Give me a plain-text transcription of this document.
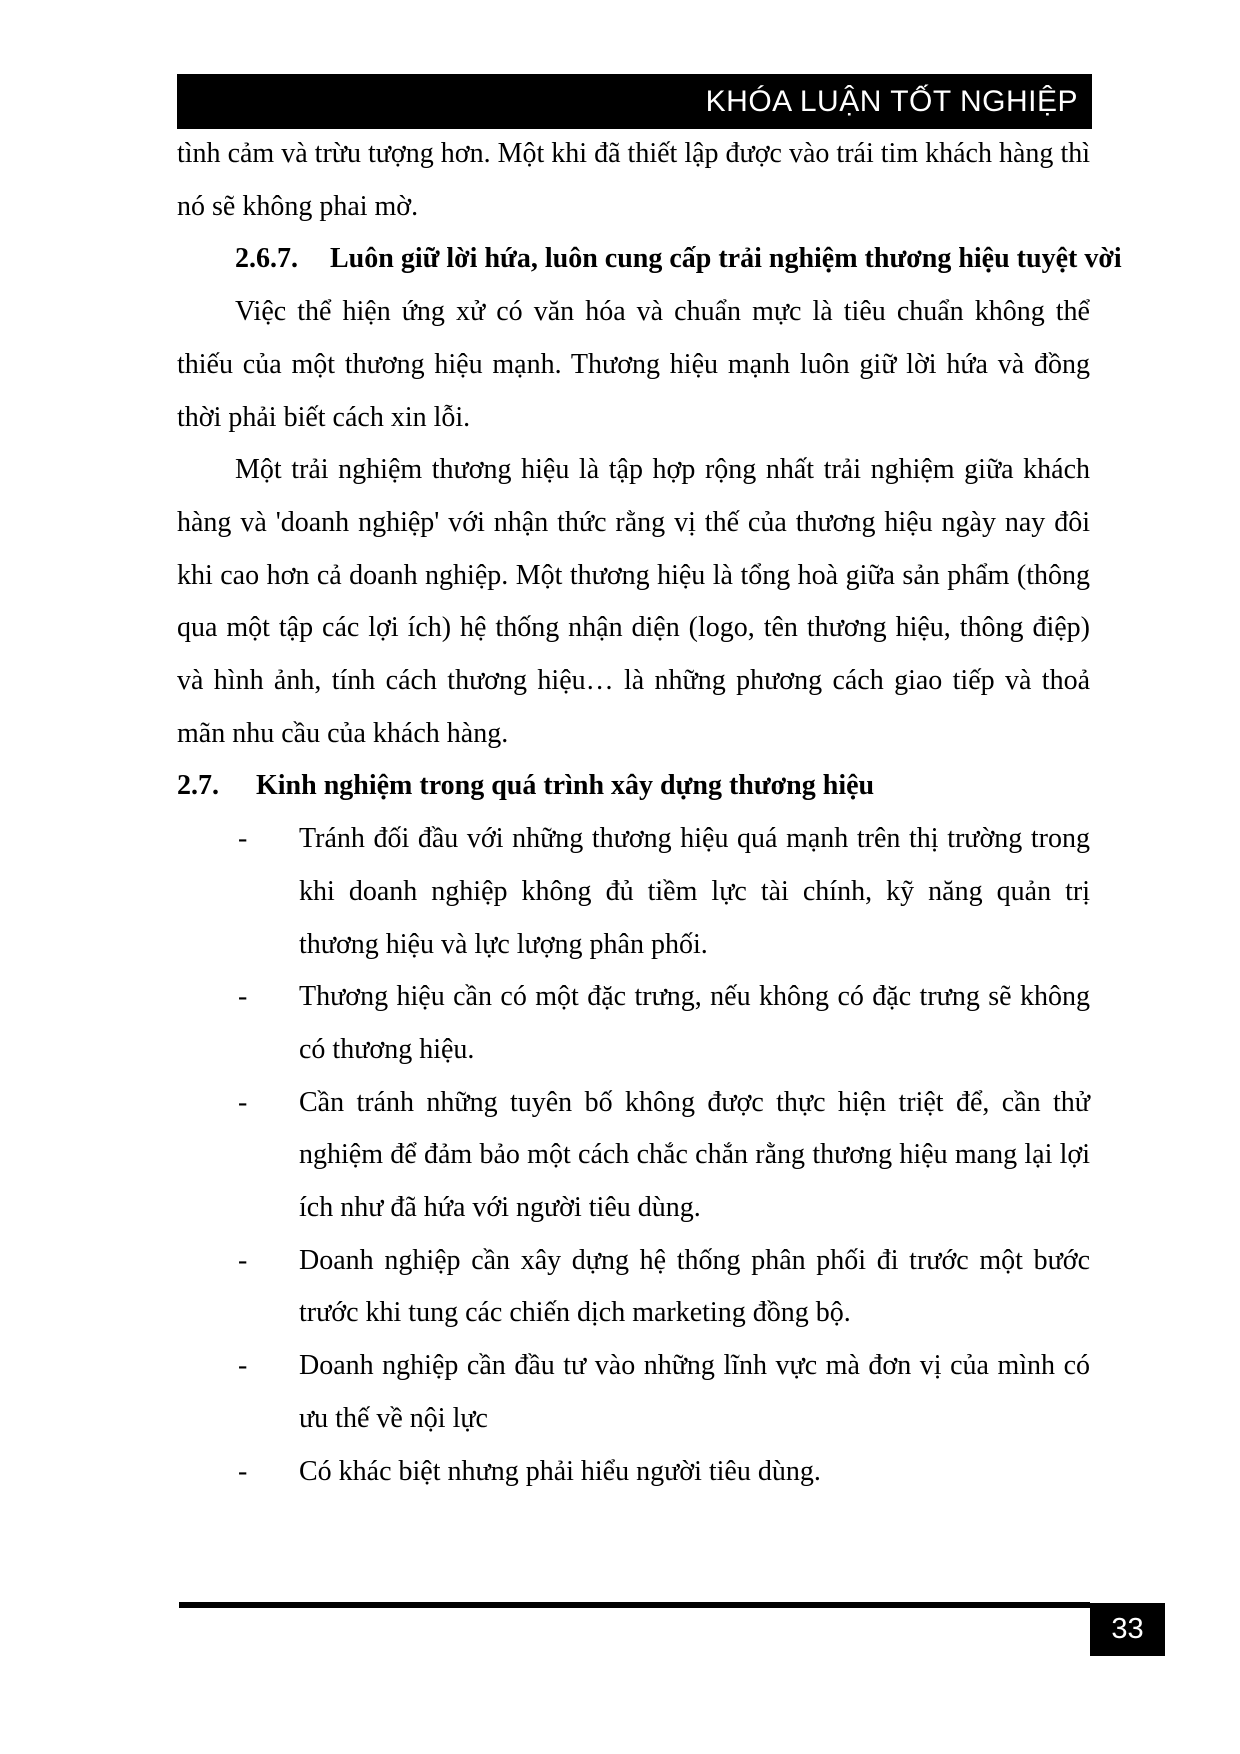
KHÓA LUẬN TỐT NGHIỆP

tình cảm và trừu tượng hơn. Một khi đã thiết lập được vào trái tim khách hàng thì nó sẽ không phai mờ.

2.6.7. Luôn giữ lời hứa, luôn cung cấp trải nghiệm thương hiệu tuyệt vời

Việc thể hiện ứng xử có văn hóa và chuẩn mực là tiêu chuẩn không thể thiếu của một thương hiệu mạnh. Thương hiệu mạnh luôn giữ lời hứa và đồng thời phải biết cách xin lỗi.

Một trải nghiệm thương hiệu là tập hợp rộng nhất trải nghiệm giữa khách hàng và 'doanh nghiệp' với nhận thức rằng vị thế của thương hiệu ngày nay đôi khi cao hơn cả doanh nghiệp. Một thương hiệu là tổng hoà giữa sản phẩm (thông qua một tập các lợi ích) hệ thống nhận diện (logo, tên thương hiệu, thông điệp) và hình ảnh, tính cách thương hiệu… là những phương cách giao tiếp và thoả mãn nhu cầu của khách hàng.

2.7. Kinh nghiệm trong quá trình xây dựng thương hiệu

- Tránh đối đầu với những thương hiệu quá mạnh trên thị trường trong khi doanh nghiệp không đủ tiềm lực tài chính, kỹ năng quản trị thương hiệu và lực lượng phân phối.
- Thương hiệu cần có một đặc trưng, nếu không có đặc trưng sẽ không có thương hiệu.
- Cần tránh những tuyên bố không được thực hiện triệt để, cần thử nghiệm để đảm bảo một cách chắc chắn rằng thương hiệu mang lại lợi ích như đã hứa với người tiêu dùng.
- Doanh nghiệp cần xây dựng hệ thống phân phối đi trước một bước trước khi tung các chiến dịch marketing đồng bộ.
- Doanh nghiệp cần đầu tư vào những lĩnh vực mà đơn vị của mình có ưu thế về nội lực
- Có khác biệt nhưng phải hiểu người tiêu dùng.
33
